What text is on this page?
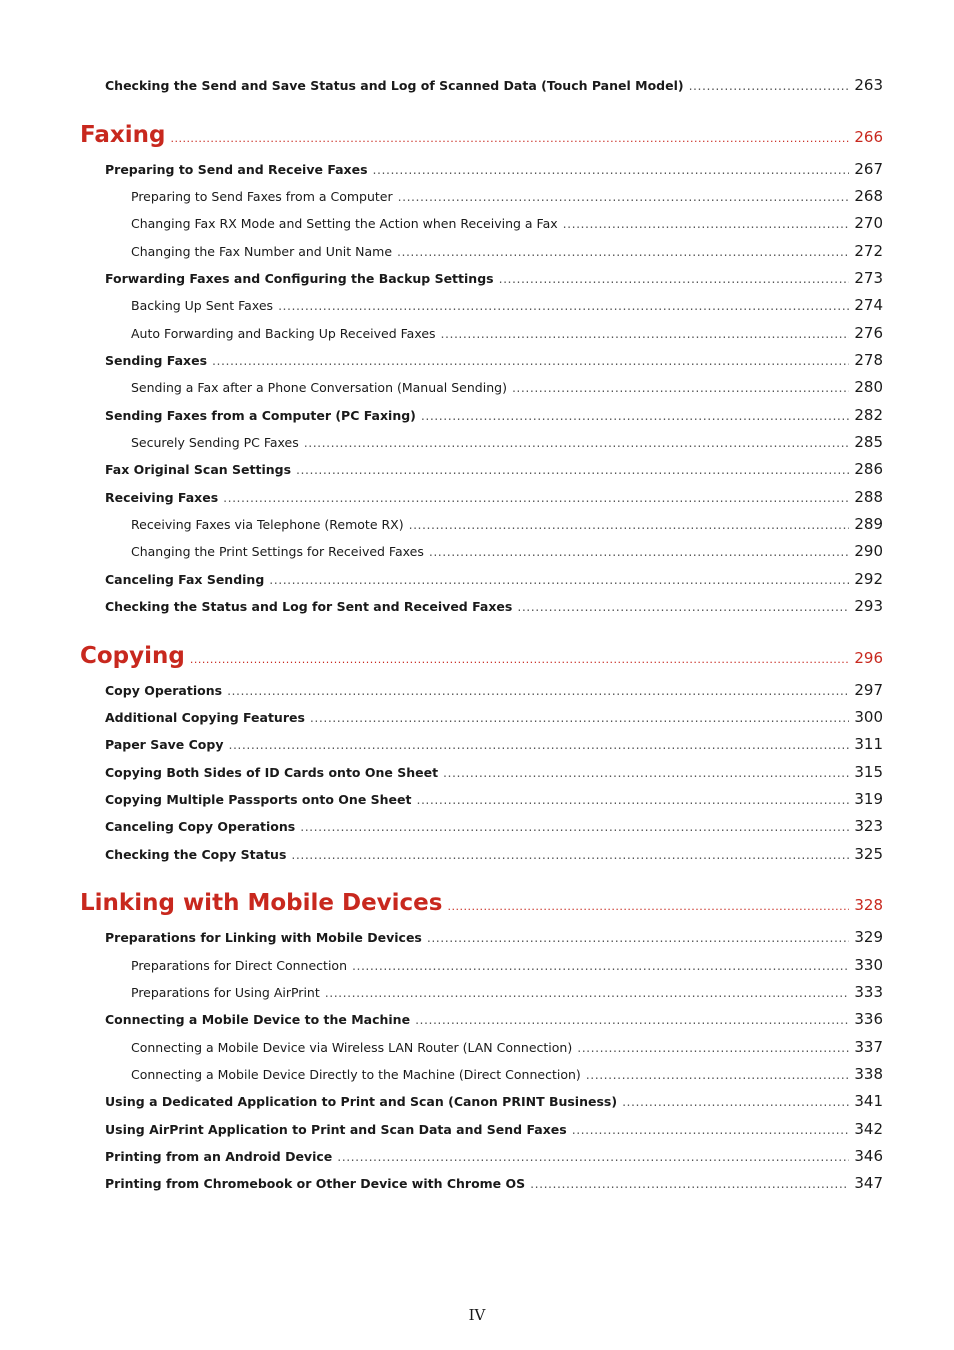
Checking the Send and Save Status and Log of Scanned Data (Touch Panel Model) .....	263
Faxing .....	266
Preparing to Send and Receive Faxes .....	267
Preparing to Send Faxes from a Computer .....	268
Changing Fax RX Mode and Setting the Action when Receiving a Fax .....	270
Changing the Fax Number and Unit Name .....	272
Forwarding Faxes and Configuring the Backup Settings .....	273
Backing Up Sent Faxes .....	274
Auto Forwarding and Backing Up Received Faxes .....	276
Sending Faxes .....	278
Sending a Fax after a Phone Conversation (Manual Sending) .....	280
Sending Faxes from a Computer (PC Faxing) .....	282
Securely Sending PC Faxes .....	285
Fax Original Scan Settings .....	286
Receiving Faxes .....	288
Receiving Faxes via Telephone (Remote RX) .....	289
Changing the Print Settings for Received Faxes .....	290
Canceling Fax Sending .....	292
Checking the Status and Log for Sent and Received Faxes .....	293
Copying .....	296
Copy Operations .....	297
Additional Copying Features .....	300
Paper Save Copy .....	311
Copying Both Sides of ID Cards onto One Sheet .....	315
Copying Multiple Passports onto One Sheet .....	319
Canceling Copy Operations .....	323
Checking the Copy Status .....	325
Linking with Mobile Devices .....	328
Preparations for Linking with Mobile Devices .....	329
Preparations for Direct Connection .....	330
Preparations for Using AirPrint .....	333
Connecting a Mobile Device to the Machine .....	336
Connecting a Mobile Device via Wireless LAN Router (LAN Connection) .....	337
Connecting a Mobile Device Directly to the Machine (Direct Connection) .....	338
Using a Dedicated Application to Print and Scan (Canon PRINT Business) .....	341
Using AirPrint Application to Print and Scan Data and Send Faxes .....	342
Printing from an Android Device .....	346
Printing from Chromebook or Other Device with Chrome OS .....	347
IV
